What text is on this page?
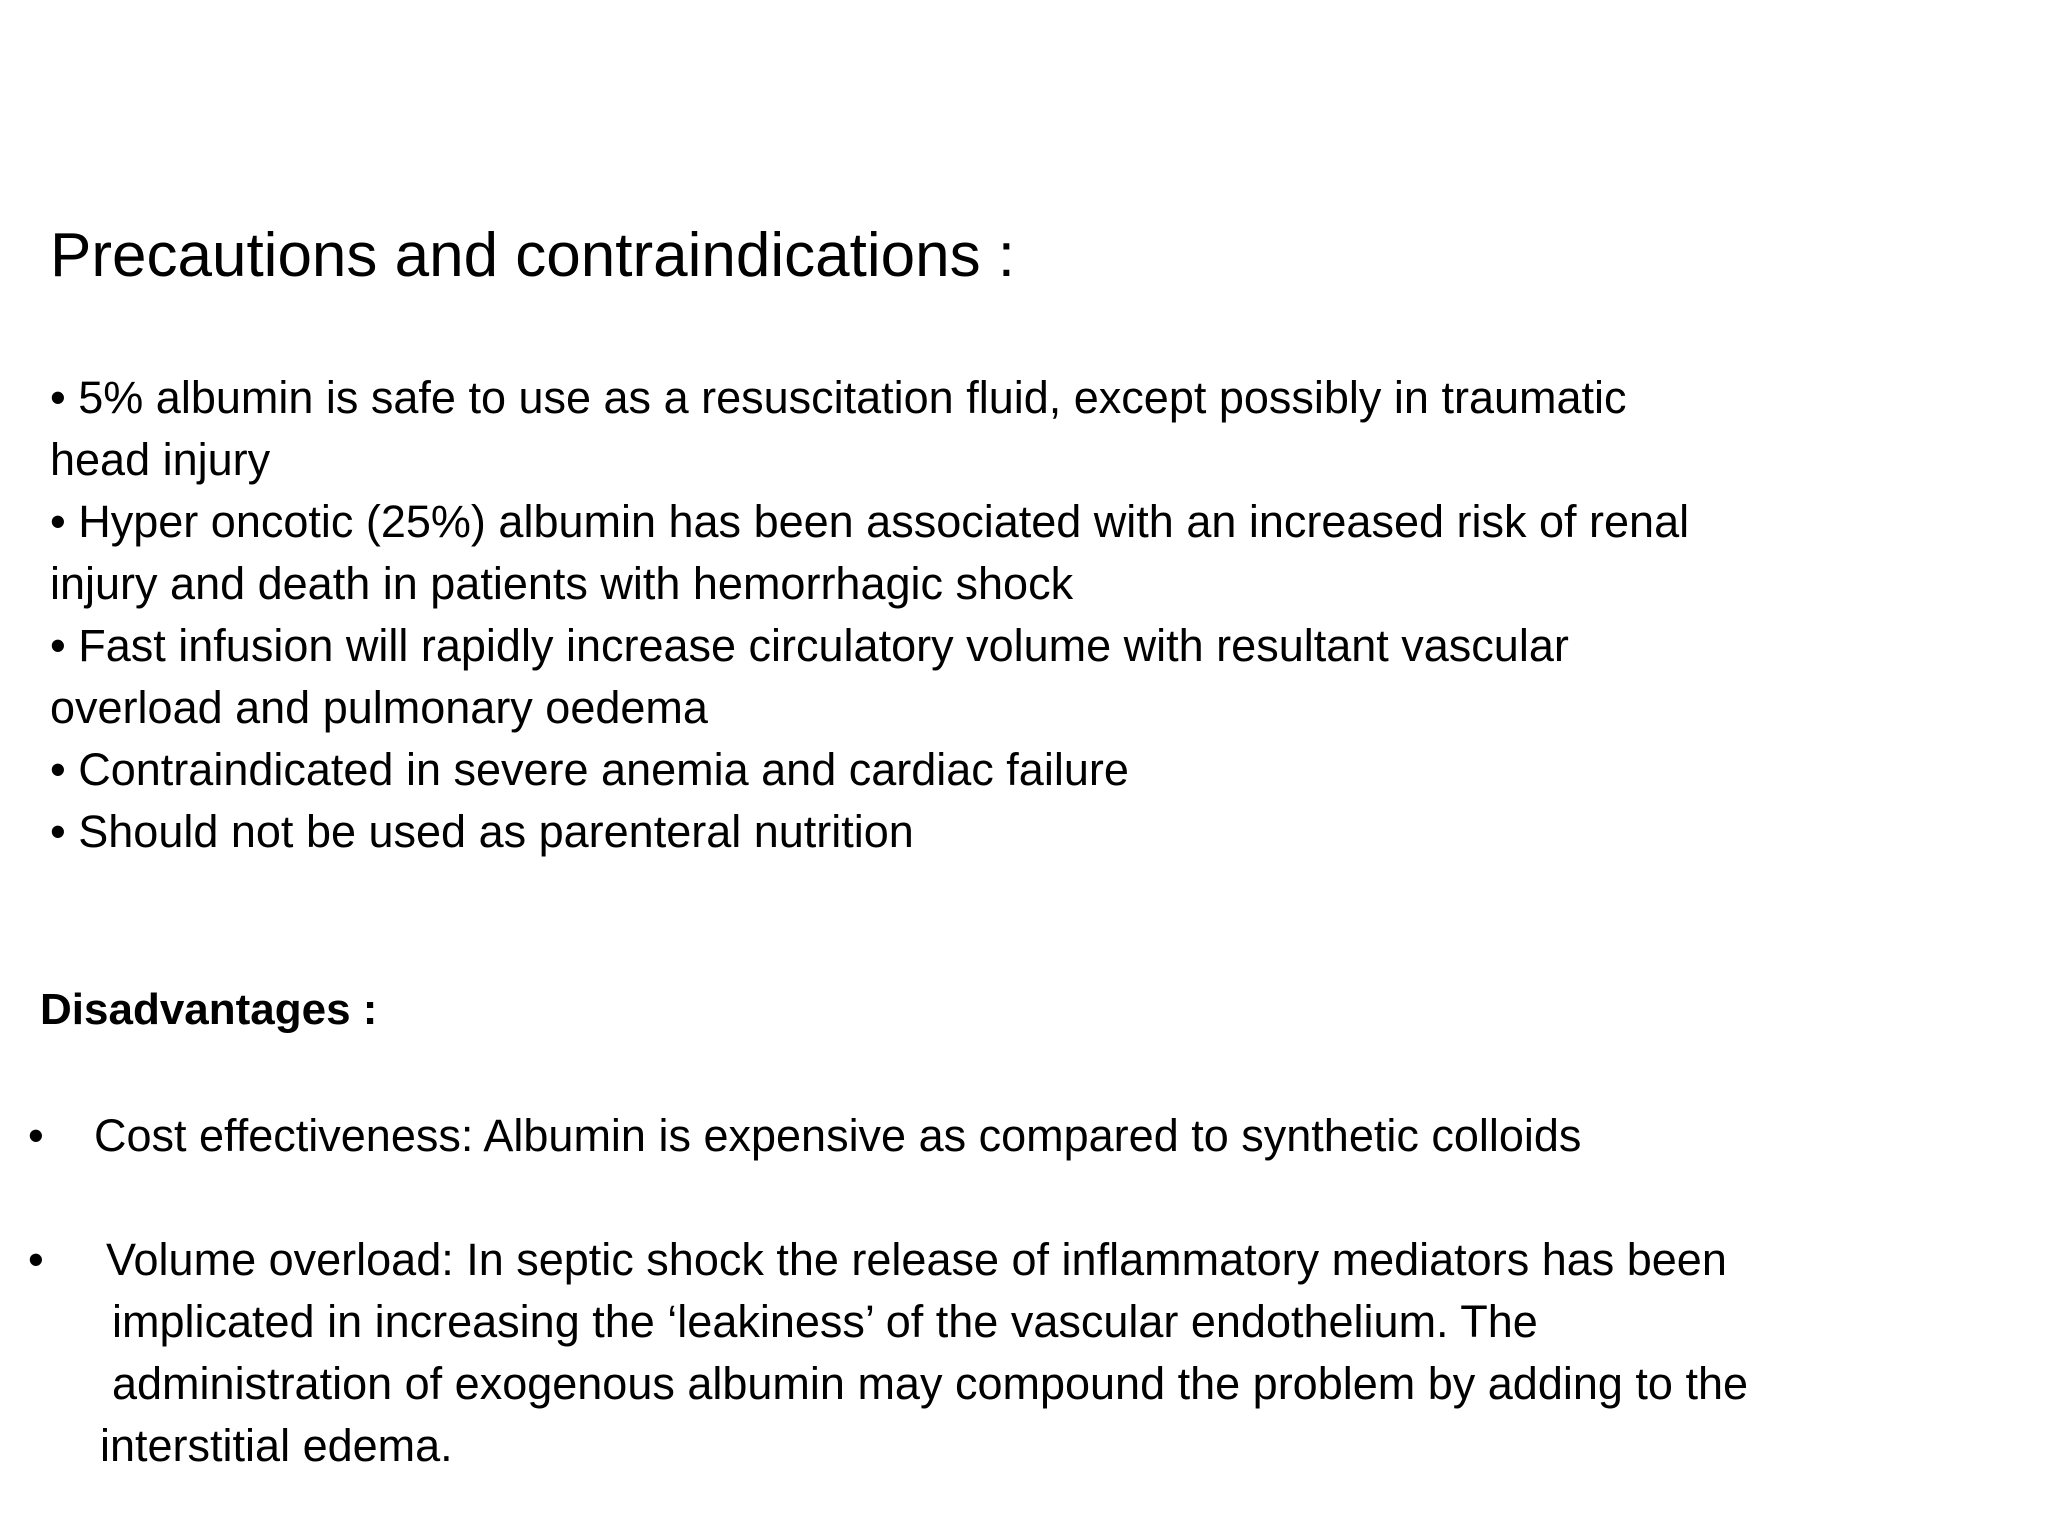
Precautions and contraindications :
• 5% albumin is safe to use as a resuscitation fluid, except possibly in traumatic
head injury
• Hyper oncotic (25%) albumin has been associated with an increased risk of renal
injury and death in patients with hemorrhagic shock
• Fast infusion will rapidly increase circulatory volume with resultant vascular
overload and pulmonary oedema
• Contraindicated in severe anemia and cardiac failure
• Should not be used as parenteral nutrition
Disadvantages :
• Cost effectiveness: Albumin is expensive as compared to synthetic colloids
• Volume overload: In septic shock the release of inflammatory mediators has been
implicated in increasing the ‘leakiness’ of the vascular endothelium. The
administration of exogenous albumin may compound the problem by adding to the
interstitial edema.
